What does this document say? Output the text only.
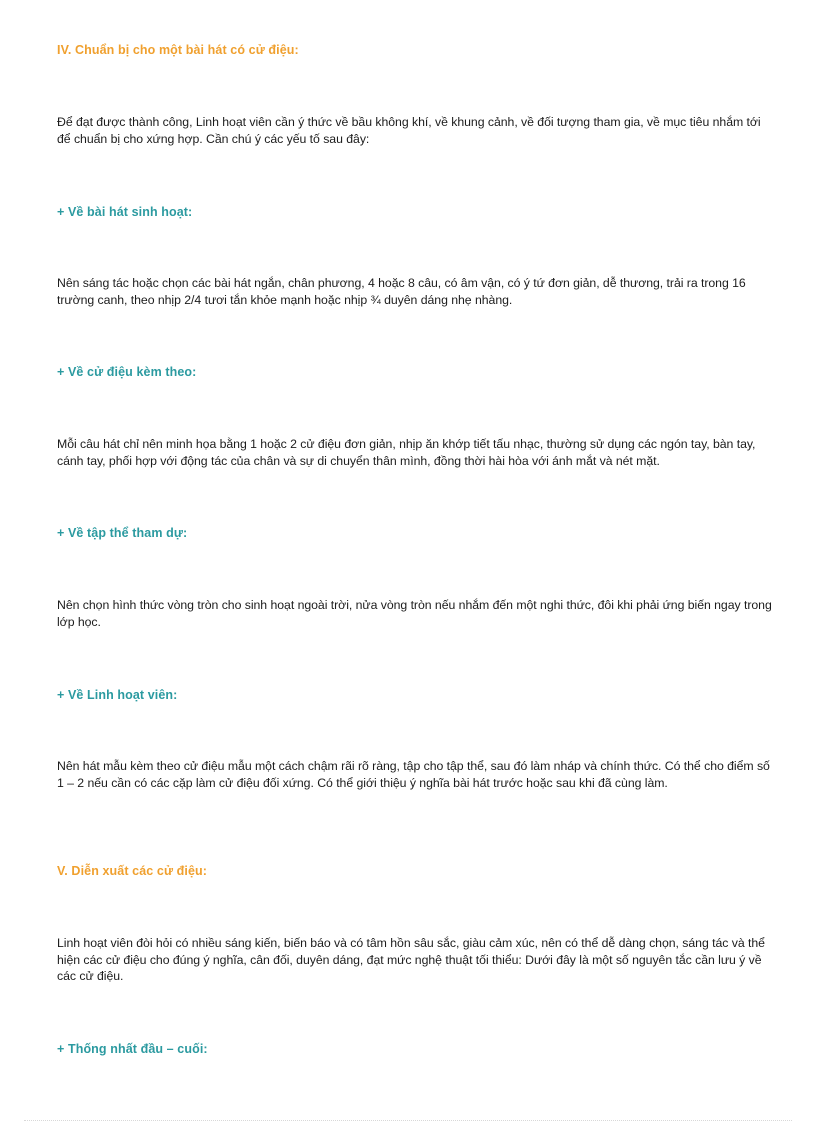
IV. Chuẩn bị cho một bài hát có cử điệu:

Để đạt được thành công, Linh hoạt viên cần ý thức về bầu không khí, về khung cảnh, về đối tượng tham gia, về mục tiêu nhắm tới để chuẩn bị cho xứng hợp. Cần chú ý các yếu tố sau đây:

+ Về bài hát sinh hoạt:

Nên sáng tác hoặc chọn các bài hát ngắn, chân phương, 4 hoặc 8 câu, có âm vận, có ý tứ đơn giản, dễ thương, trải ra trong 16 trường canh, theo nhịp 2/4 tươi tắn khỏe mạnh hoặc nhịp ¾ duyên dáng nhẹ nhàng.

+ Về cử điệu kèm theo:

Mỗi câu hát chỉ nên minh họa bằng 1 hoặc 2 cử điệu đơn giản, nhịp ăn khớp tiết tấu nhạc, thường sử dụng các ngón tay, bàn tay, cánh tay, phối hợp với động tác của chân và sự di chuyển thân mình, đồng thời hài hòa với ánh mắt và nét mặt.

+ Về tập thể tham dự:

Nên chọn hình thức vòng tròn cho sinh hoạt ngoài trời, nửa vòng tròn nếu nhắm đến một nghi thức, đôi khi phải ứng biến ngay trong lớp học.

+ Về Linh hoạt viên:

Nên hát mẫu kèm theo cử điệu mẫu một cách chậm rãi rõ ràng, tập cho tập thể, sau đó làm nháp và chính thức. Có thể cho điểm số 1 – 2 nếu cần có các cặp làm cử điệu đối xứng. Có thể giới thiệu ý nghĩa bài hát trước hoặc sau khi đã cùng làm.

V. Diễn xuất các cử điệu:

Linh hoạt viên đòi hỏi có nhiều sáng kiến, biến báo và có tâm hồn sâu sắc, giàu cảm xúc, nên có thể dễ dàng chọn, sáng tác và thể hiện các cử điệu cho đúng ý nghĩa, cân đối, duyên dáng, đạt mức nghệ thuật tối thiểu: Dưới đây là một số nguyên tắc cần lưu ý về các cử điệu.

+ Thống nhất đầu – cuối:
